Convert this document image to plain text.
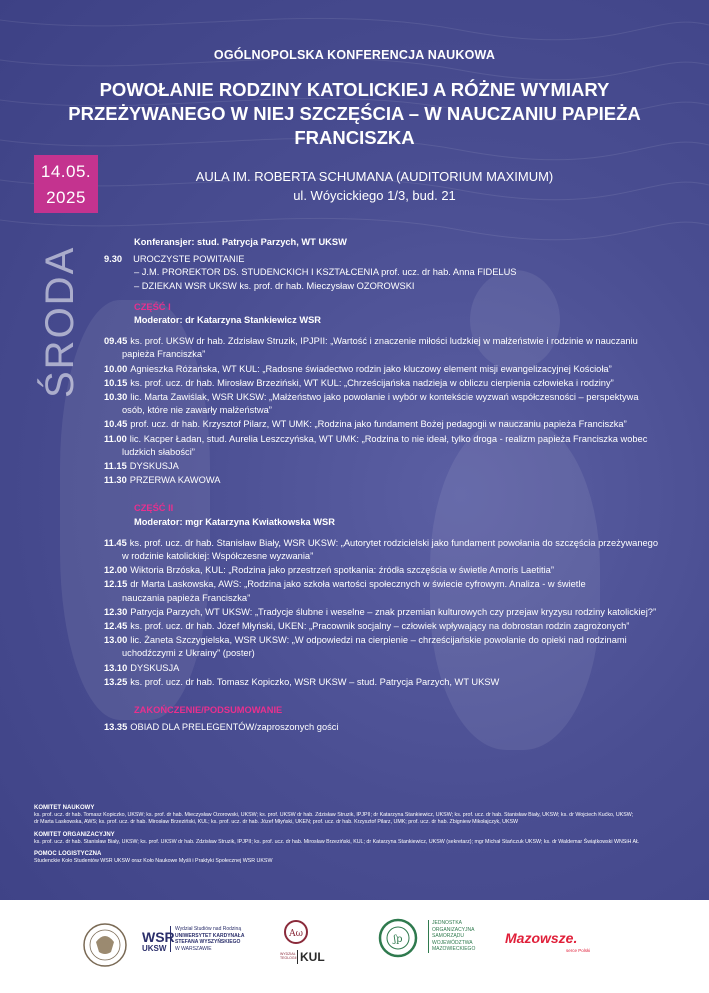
OGÓLNOPOLSKA KONFERENCJA NAUKOWA
POWOŁANIE RODZINY KATOLICKIEJ A RÓŻNE WYMIARY
PRZEŻYWANEGO W NIEJ SZCZĘŚCIA – W NAUCZANIU PAPIEŻA
FRANCISZKA
14.05.
2025
AULA IM. ROBERTA SCHUMANA (AUDITORIUM MAXIMUM)
ul. Wóycickiego 1/3, bud. 21
ŚRODA
Konferansjer: stud. Patrycja Parzych, WT UKSW
9.30 UROCZYSTE POWITANIE
– J.M. PROREKTOR DS. STUDENCKICH I KSZTAŁCENIA prof. ucz. dr hab. Anna FIDELUS
– DZIEKAN WSR UKSW ks. prof. dr hab. Mieczysław OZOROWSKI
CZĘŚĆ I
Moderator: dr Katarzyna Stankiewicz WSR
09.45 ks. prof. UKSW dr hab. Zdzisław Struzik, IPJPII: „Wartość i znaczenie miłości ludzkiej w małżeństwie i rodzinie w nauczaniu
papieża Franciszka”
10.00 Agnieszka Różańska, WT KUL: „Radosne świadectwo rodzin jako kluczowy element misji ewangelizacyjnej Kościoła”
10.15 ks. prof. ucz. dr hab. Mirosław Brzeziński, WT KUL: „Chrześcijańska nadzieja w obliczu cierpienia człowieka i rodziny”
10.30 lic. Marta Zawiślak, WSR UKSW: „Małżeństwo jako powołanie i wybór w kontekście wyzwań współczesności – perspektywa
osób, które nie zawarły małżeństwa”
10.45 prof. ucz. dr hab. Krzysztof Pilarz, WT UMK: „Rodzina jako fundament Bożej pedagogii w nauczaniu papieża Franciszka”
11.00 lic. Kacper Ładan, stud. Aurelia Leszczyńska, WT UMK: „Rodzina to nie ideał, tylko droga - realizm papieża Franciszka wobec
ludzkich słabości”
11.15 DYSKUSJA
11.30 PRZERWA KAWOWA
CZĘŚĆ II
Moderator: mgr Katarzyna Kwiatkowska WSR
11.45 ks. prof. ucz. dr hab. Stanisław Biały, WSR UKSW: „Autorytet rodzicielski jako fundament powołania do szczęścia przeżywanego
w rodzinie katolickiej: Współczesne wyzwania”
12.00 Wiktoria Brzóska, KUL: „Rodzina jako przestrzeń spotkania: źródła szczęścia w świetle Amoris Laetitia”
12.15 dr Marta Laskowska, AWS: „Rodzina jako szkoła wartości społecznych w świecie cyfrowym. Analiza - w świetle
nauczania papieża Franciszka”
12.30 Patrycja Parzych, WT UKSW: „Tradycje ślubne i weselne – znak przemian kulturowych czy przejaw kryzysu rodziny katolickiej?”
12.45 ks. prof. ucz. dr hab. Józef Młyński, UKEN: „Pracownik socjalny – człowiek wpływający na dobrostan rodzin zagrożonych”
13.00 lic. Żaneta Szczygielska, WSR UKSW: „W odpowiedzi na cierpienie – chrześcijańskie powołanie do opieki nad rodzinami
uchodźczymi z Ukrainy” (poster)
13.10 DYSKUSJA
13.25 ks. prof. ucz. dr hab. Tomasz Kopiczko, WSR UKSW – stud. Patrycja Parzych, WT UKSW
ZAKOŃCZENIE/PODSUMOWANIE
13.35 OBIAD DLA PRELEGENTÓW/zaproszonych gości
KOMITET NAUKOWY
ks. prof. ucz. dr hab. Tomasz Kopiczko, UKSW; ks. prof. dr hab. Mieczysław Ozorowski, UKSW; ks. prof. UKSW dr hab. Zdzisław Struzik, IPJPII; dr Katarzyna Stankiewicz, UKSW; ks. prof. ucz. dr hab. Stanisław Biały, UKSW; ks. dr Wojciech Kućko, UKSW;
dr Marta Laskowska, AWS; ks. prof. ucz. dr hab. Mirosław Brzeziński, KUL; ks. prof. ucz. dr hab. Józef Młyński, UKEN; prof. ucz. dr hab. Krzysztof Pilarz, UMK; prof. ucz. dr hab. Zbigniew Mikołajczyk, UKSW
KOMITET ORGANIZACYJNY
ks. prof. ucz. dr hab. Stanisław Biały, UKSW; ks. prof. UKSW dr hab. Zdzisław Struzik, IPJPII; ks. prof. ucz. dr hab. Mirosław Brzeziński, KUL; dr Katarzyna Stankiewicz, UKSW (sekretarz); mgr Michał Stańczuk UKSW; ks. dr Waldemar Świątkowski WNSiH AŁ
POMOC LOGISTYCZNA
Studenckie Koło Studentów WSR UKSW oraz Koło Naukowe Myśli i Praktyki Społecznej WSR UKSW
WSR
UKSW
Wydział Studiów nad Rodziną
UNIWERSYTET KARDYNAŁA
STEFANA WYSZYŃSKIEGO
W WARSZAWIE
Αω
WYDZIAŁ TEOLOGII KUL
ʃp
JEDNOSTKA
ORGANIZACYJNA
SAMORZĄDU
WOJEWÓDZTWA
MAZOWIECKIEGO
Mazowsze.
serce Polski
